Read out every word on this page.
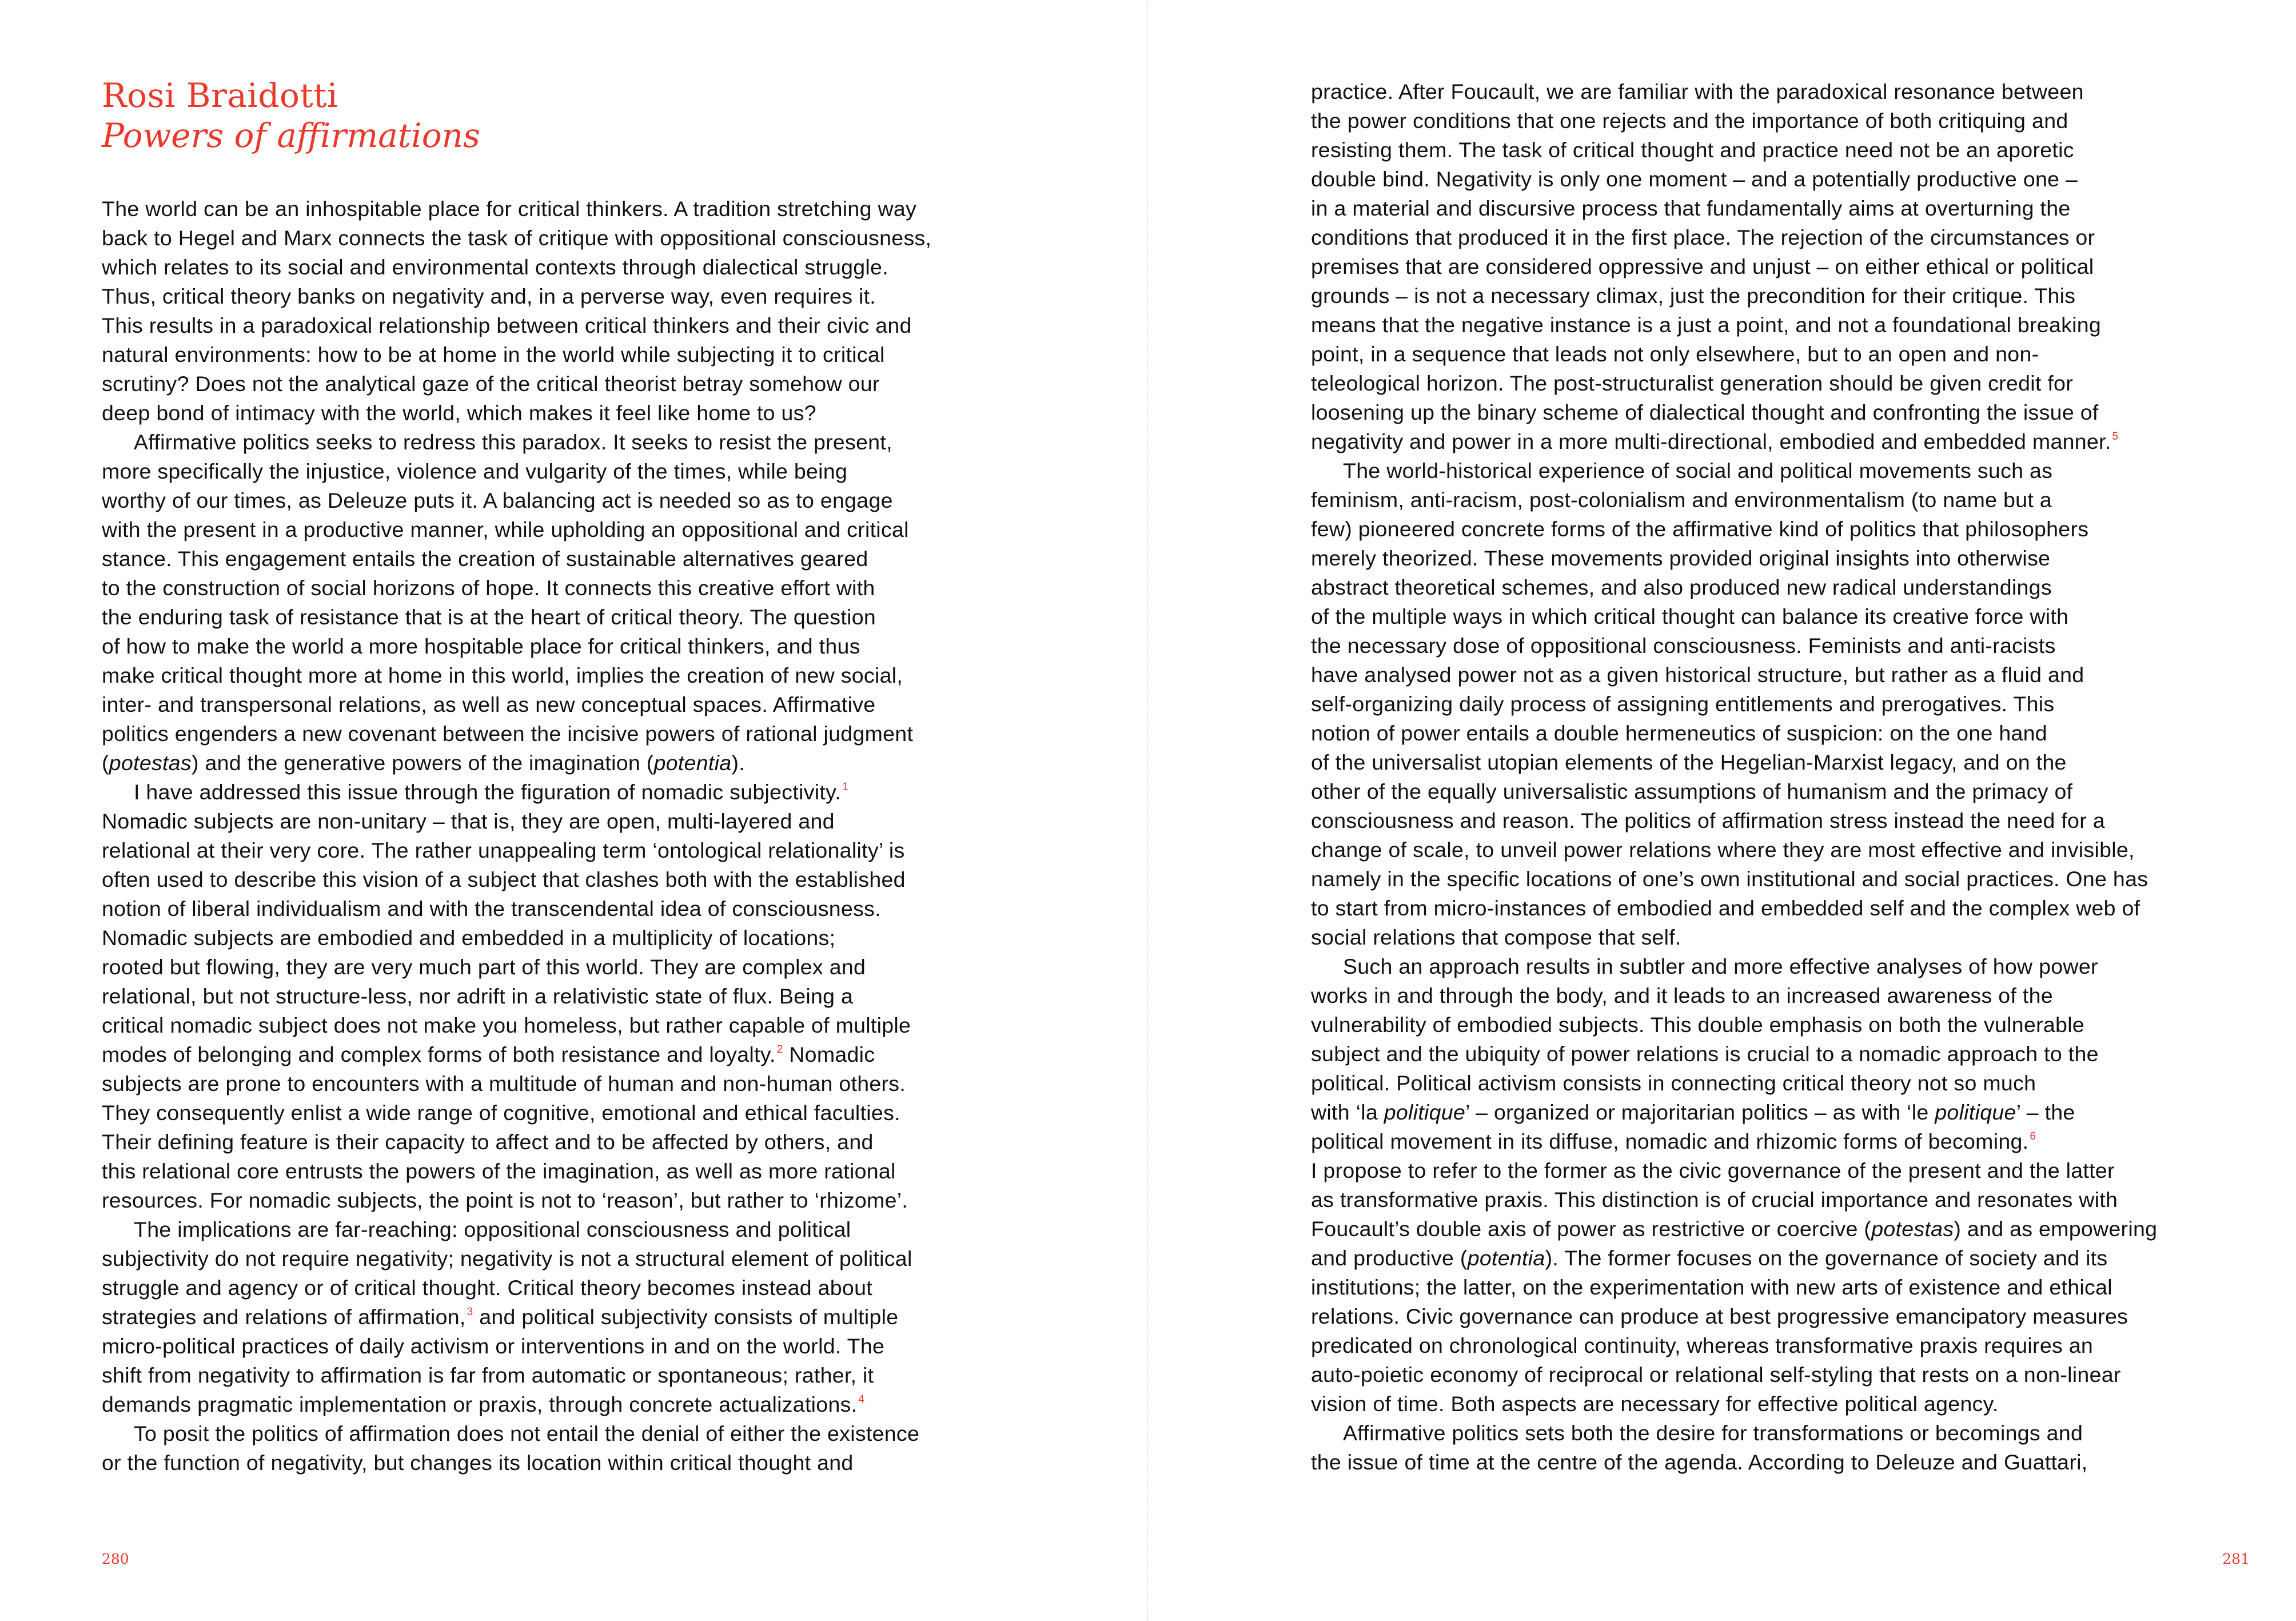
Rosi Braidotti
Powers of affirmations
The world can be an inhospitable place for critical thinkers. A tradition stretching way
back to Hegel and Marx connects the task of critique with oppositional consciousness,
which relates to its social and environmental contexts through dialectical struggle.
Thus, critical theory banks on negativity and, in a perverse way, even requires it.
This results in a paradoxical relationship between critical thinkers and their civic and
natural environments: how to be at home in the world while subjecting it to critical
scrutiny? Does not the analytical gaze of the critical theorist betray somehow our
deep bond of intimacy with the world, which makes it feel like home to us?
Affirmative politics seeks to redress this paradox. It seeks to resist the present,
more specifically the injustice, violence and vulgarity of the times, while being
worthy of our times, as Deleuze puts it. A balancing act is needed so as to engage
with the present in a productive manner, while upholding an oppositional and critical
stance. This engagement entails the creation of sustainable alternatives geared
to the construction of social horizons of hope. It connects this creative effort with
the enduring task of resistance that is at the heart of critical theory. The question
of how to make the world a more hospitable place for critical thinkers, and thus
make critical thought more at home in this world, implies the creation of new social,
inter- and transpersonal relations, as well as new conceptual spaces. Affirmative
politics engenders a new covenant between the incisive powers of rational judgment
(potestas) and the generative powers of the imagination (potentia).
I have addressed this issue through the figuration of nomadic subjectivity. $^1$
Nomadic subjects are non-unitary – that is, they are open, multi-layered and
relational at their very core. The rather unappealing term ‘ontological relationality’ is
often used to describe this vision of a subject that clashes both with the established
notion of liberal individualism and with the transcendental idea of consciousness.
Nomadic subjects are embodied and embedded in a multiplicity of locations;
rooted but flowing, they are very much part of this world. They are complex and
relational, but not structure-less, nor adrift in a relativistic state of flux. Being a
critical nomadic subject does not make you homeless, but rather capable of multiple
modes of belonging and complex forms of both resistance and loyalty. $^2$ Nomadic
subjects are prone to encounters with a multitude of human and non-human others.
They consequently enlist a wide range of cognitive, emotional and ethical faculties.
Their defining feature is their capacity to affect and to be affected by others, and
this relational core entrusts the powers of the imagination, as well as more rational
resources. For nomadic subjects, the point is not to ‘reason’, but rather to ‘rhizome’.
The implications are far-reaching: oppositional consciousness and political
subjectivity do not require negativity; negativity is not a structural element of political
struggle and agency or of critical thought. Critical theory becomes instead about
strategies and relations of affirmation, $^3$ and political subjectivity consists of multiple
micro-political practices of daily activism or interventions in and on the world. The
shift from negativity to affirmation is far from automatic or spontaneous; rather, it
demands pragmatic implementation or praxis, through concrete actualizations. $^4$
To posit the politics of affirmation does not entail the denial of either the existence
or the function of negativity, but changes its location within critical thought and
280
practice. After Foucault, we are familiar with the paradoxical resonance between
the power conditions that one rejects and the importance of both critiquing and
resisting them. The task of critical thought and practice need not be an aporetic
double bind. Negativity is only one moment – and a potentially productive one –
in a material and discursive process that fundamentally aims at overturning the
conditions that produced it in the first place. The rejection of the circumstances or
premises that are considered oppressive and unjust – on either ethical or political
grounds – is not a necessary climax, just the precondition for their critique. This
means that the negative instance is a just a point, and not a foundational breaking
point, in a sequence that leads not only elsewhere, but to an open and non-
teleological horizon. The post-structuralist generation should be given credit for
loosening up the binary scheme of dialectical thought and confronting the issue of
negativity and power in a more multi-directional, embodied and embedded manner. $^5$
The world-historical experience of social and political movements such as
feminism, anti-racism, post-colonialism and environmentalism (to name but a
few) pioneered concrete forms of the affirmative kind of politics that philosophers
merely theorized. These movements provided original insights into otherwise
abstract theoretical schemes, and also produced new radical understandings
of the multiple ways in which critical thought can balance its creative force with
the necessary dose of oppositional consciousness. Feminists and anti-racists
have analysed power not as a given historical structure, but rather as a fluid and
self-organizing daily process of assigning entitlements and prerogatives. This
notion of power entails a double hermeneutics of suspicion: on the one hand
of the universalist utopian elements of the Hegelian-Marxist legacy, and on the
other of the equally universalistic assumptions of humanism and the primacy of
consciousness and reason. The politics of affirmation stress instead the need for a
change of scale, to unveil power relations where they are most effective and invisible,
namely in the specific locations of one’s own institutional and social practices. One has
to start from micro-instances of embodied and embedded self and the complex web of
social relations that compose that self.
Such an approach results in subtler and more effective analyses of how power
works in and through the body, and it leads to an increased awareness of the
vulnerability of embodied subjects. This double emphasis on both the vulnerable
subject and the ubiquity of power relations is crucial to a nomadic approach to the
political. Political activism consists in connecting critical theory not so much
with ‘la politique’ – organized or majoritarian politics – as with ‘le politique’ – the
political movement in its diffuse, nomadic and rhizomic forms of becoming. $^6$
I propose to refer to the former as the civic governance of the present and the latter
as transformative praxis. This distinction is of crucial importance and resonates with
Foucault’s double axis of power as restrictive or coercive (potestas) and as empowering
and productive (potentia). The former focuses on the governance of society and its
institutions; the latter, on the experimentation with new arts of existence and ethical
relations. Civic governance can produce at best progressive emancipatory measures
predicated on chronological continuity, whereas transformative praxis requires an
auto-poietic economy of reciprocal or relational self-styling that rests on a non-linear
vision of time. Both aspects are necessary for effective political agency.
Affirmative politics sets both the desire for transformations or becomings and
the issue of time at the centre of the agenda. According to Deleuze and Guattari,
281
